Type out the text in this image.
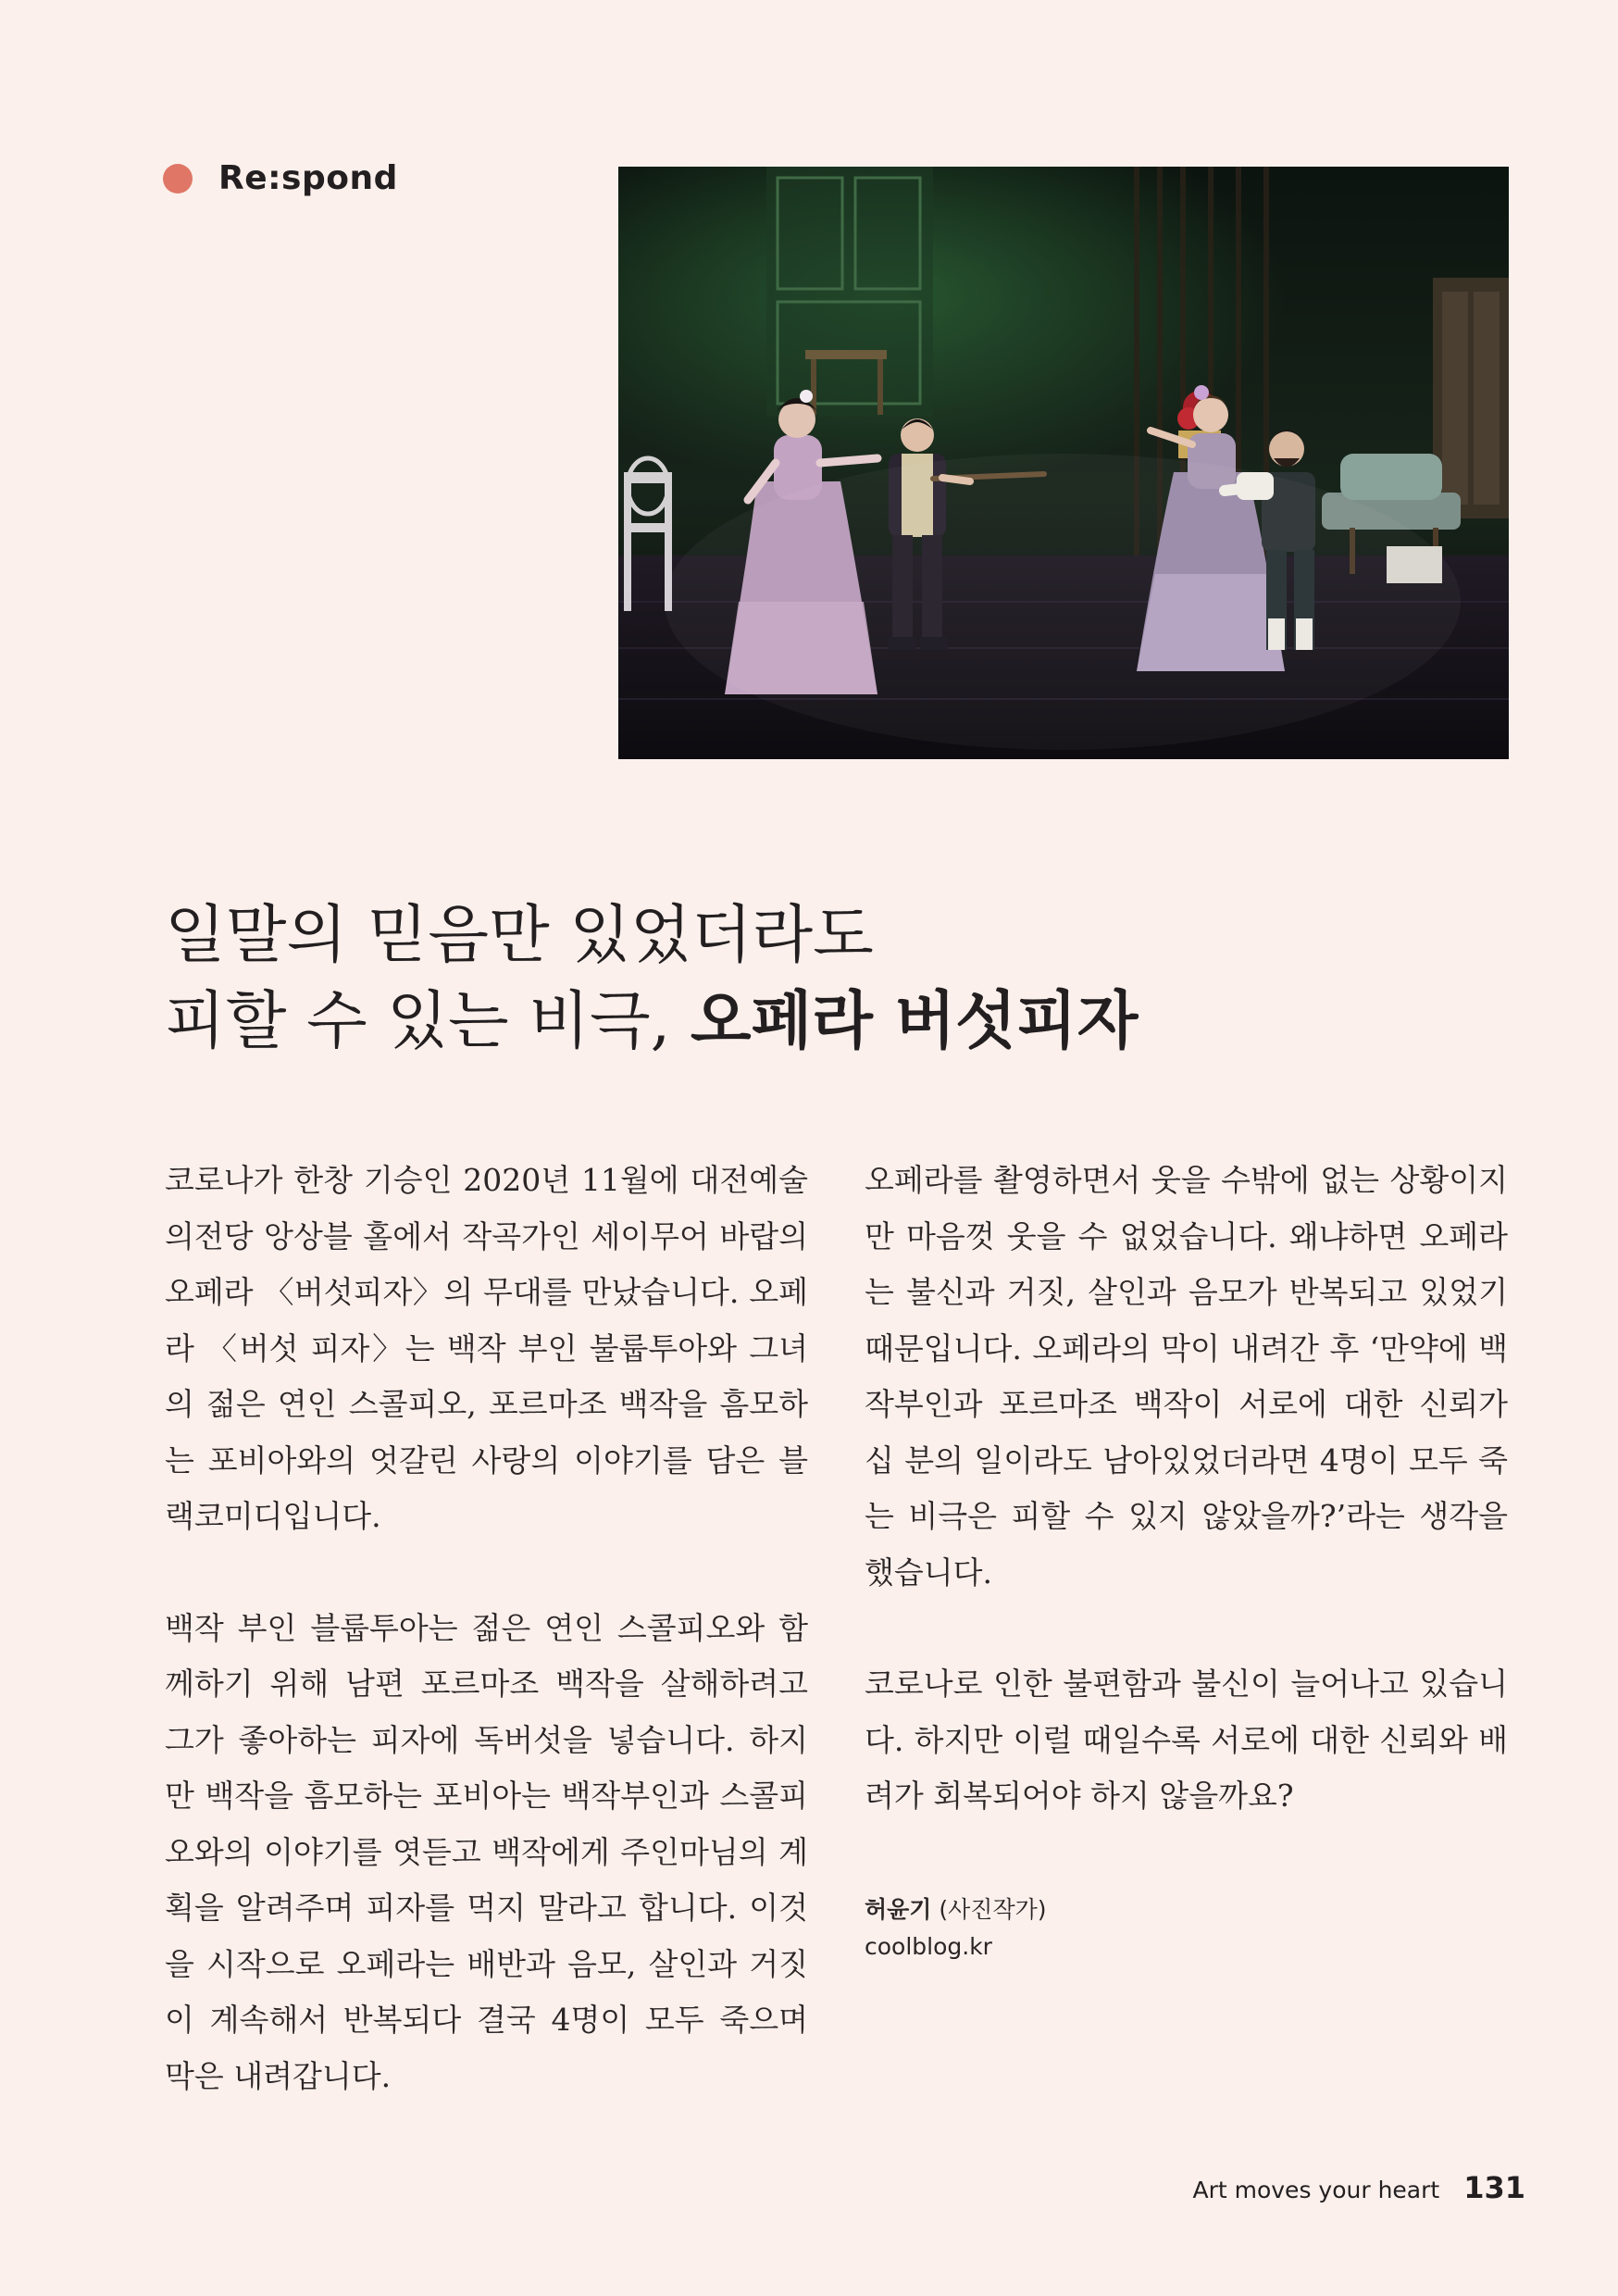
Re:spond
일말의 믿음만 있었더라도
피할 수 있는 비극, 오페라 버섯피자

코로나가 한창 기승인 2020년 11월에 대전예술의전당 앙상블 홀에서 작곡가인 세이무어 바랍의 오페라 〈버섯피자〉의 무대를 만났습니다. 오페라 〈버섯 피자〉는 백작 부인 불룹투아와 그녀의 젊은 연인 스콜피오, 포르마조 백작을 흠모하는 포비아와의 엇갈린 사랑의 이야기를 담은 블랙코미디입니다.

백작 부인 블룹투아는 젊은 연인 스콜피오와 함께하기 위해 남편 포르마조 백작을 살해하려고 그가 좋아하는 피자에 독버섯을 넣습니다. 하지만 백작을 흠모하는 포비아는 백작부인과 스콜피오와의 이야기를 엿듣고 백작에게 주인마님의 계획을 알려주며 피자를 먹지 말라고 합니다. 이것을 시작으로 오페라는 배반과 음모, 살인과 거짓이 계속해서 반복되다 결국 4명이 모두 죽으며 막은 내려갑니다.

오페라를 촬영하면서 웃을 수밖에 없는 상황이지만 마음껏 웃을 수 없었습니다. 왜냐하면 오페라는 불신과 거짓, 살인과 음모가 반복되고 있었기 때문입니다. 오페라의 막이 내려간 후 ‘만약에 백작부인과 포르마조 백작이 서로에 대한 신뢰가 십 분의 일이라도 남아있었더라면 4명이 모두 죽는 비극은 피할 수 있지 않았을까?’라는 생각을 했습니다.

코로나로 인한 불편함과 불신이 늘어나고 있습니다. 하지만 이럴 때일수록 서로에 대한 신뢰와 배려가 회복되어야 하지 않을까요?

허윤기 (사진작가)
coolblog.kr
Art moves your heart 131
